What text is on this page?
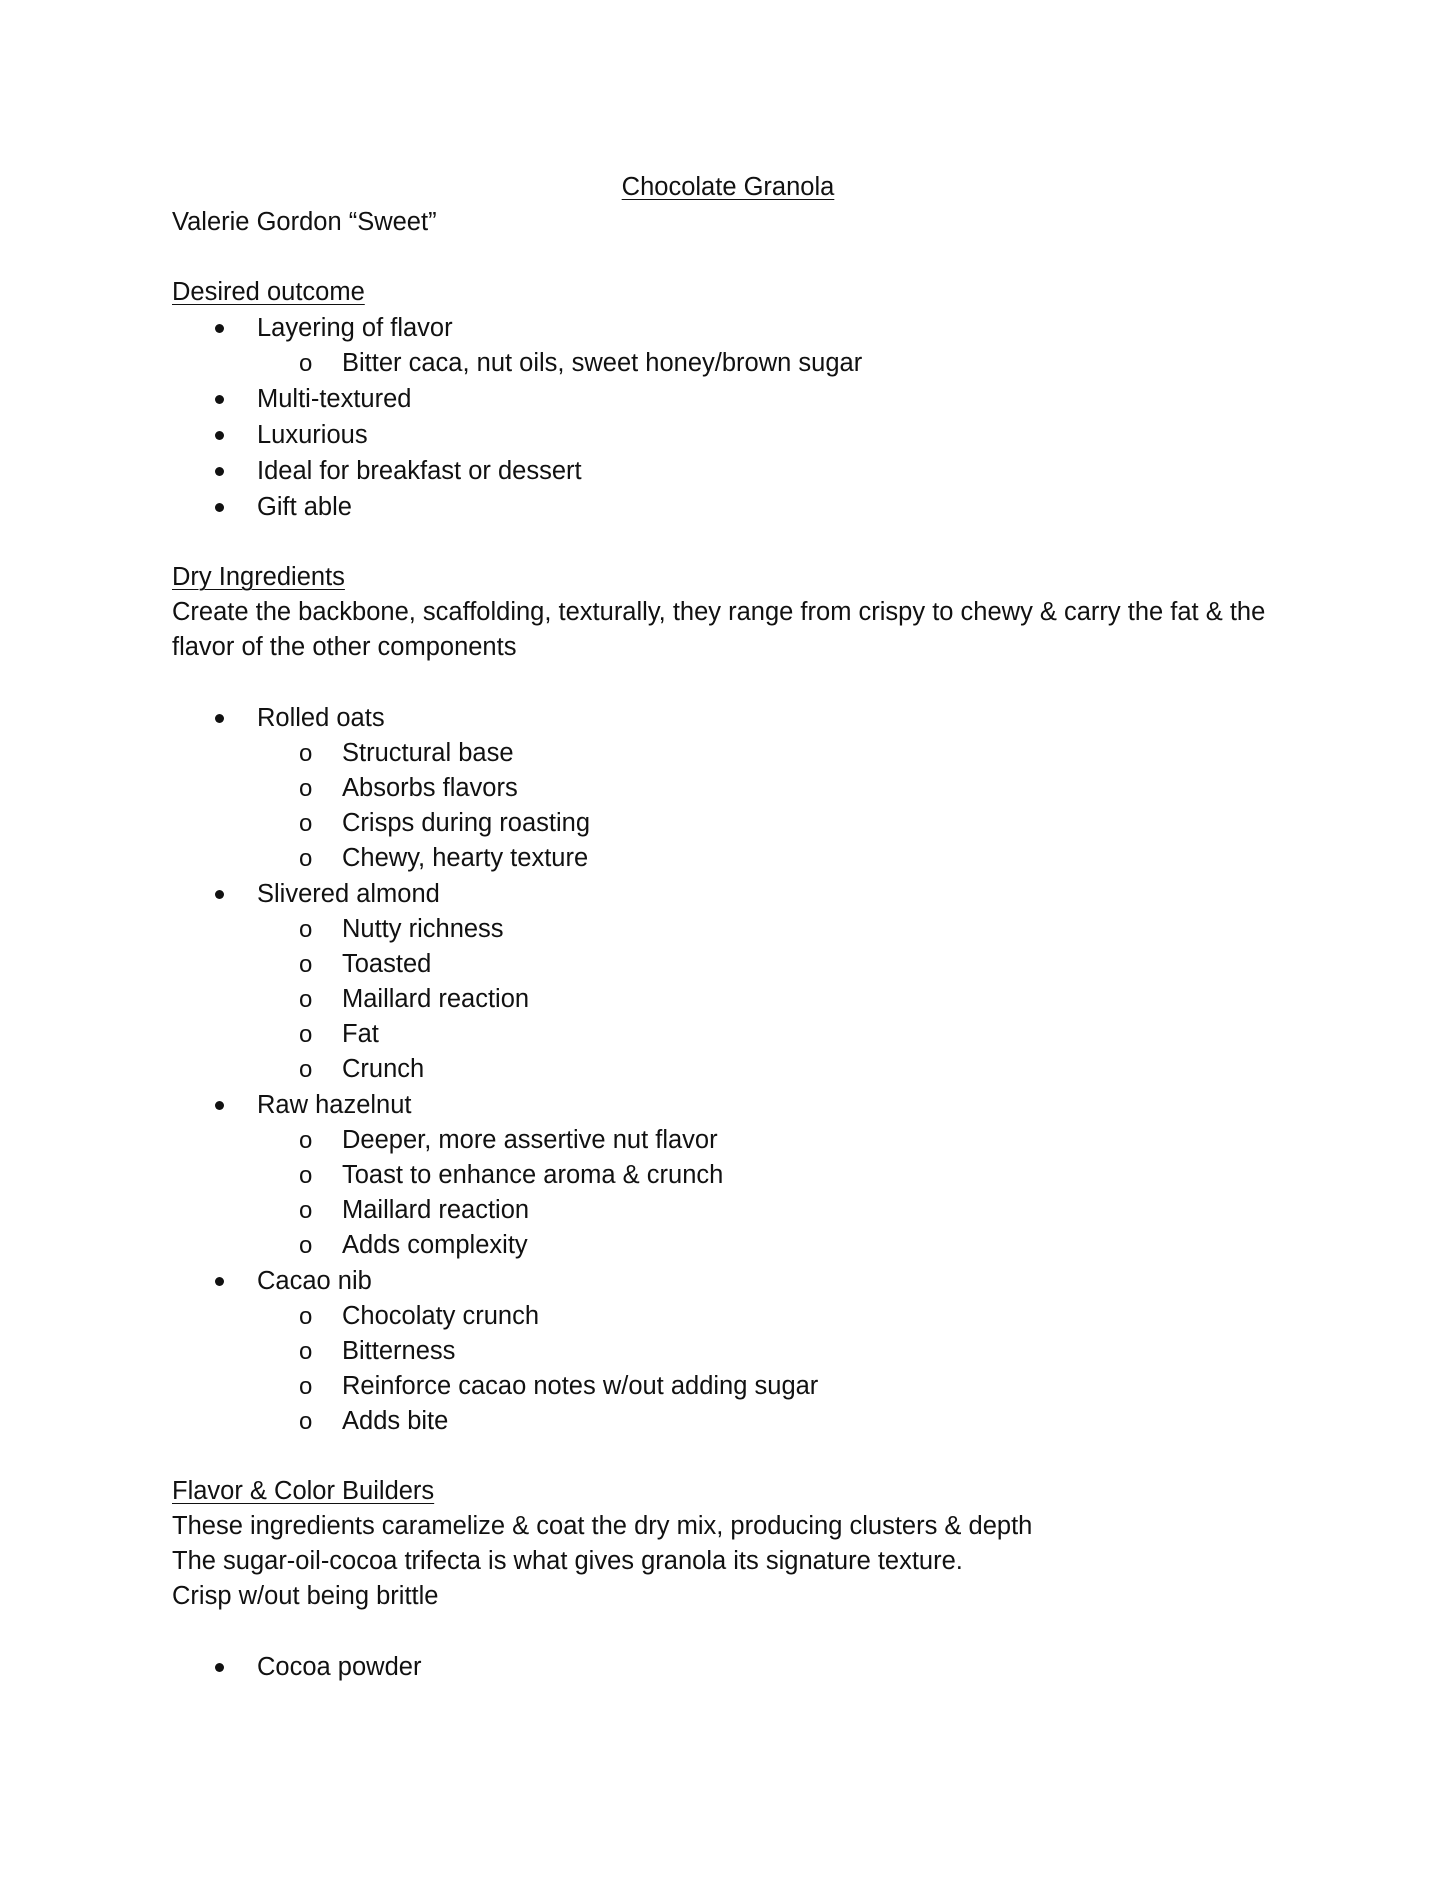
Chocolate Granola
Valerie Gordon “Sweet”
Desired outcome
Layering of flavor
o Bitter caca, nut oils, sweet honey/brown sugar
Multi-textured
Luxurious
Ideal for breakfast or dessert
Gift able
Dry Ingredients
Create the backbone, scaffolding, texturally, they range from crispy to chewy & carry the fat & the flavor of the other components
Rolled oats
o Structural base
o Absorbs flavors
o Crisps during roasting
o Chewy, hearty texture
Slivered almond
o Nutty richness
o Toasted
o Maillard reaction
o Fat
o Crunch
Raw hazelnut
o Deeper, more assertive nut flavor
o Toast to enhance aroma & crunch
o Maillard reaction
o Adds complexity
Cacao nib
o Chocolaty crunch
o Bitterness
o Reinforce cacao notes w/out adding sugar
o Adds bite
Flavor & Color Builders
These ingredients caramelize & coat the dry mix, producing clusters & depth
The sugar-oil-cocoa trifecta is what gives granola its signature texture.
Crisp w/out being brittle
Cocoa powder
